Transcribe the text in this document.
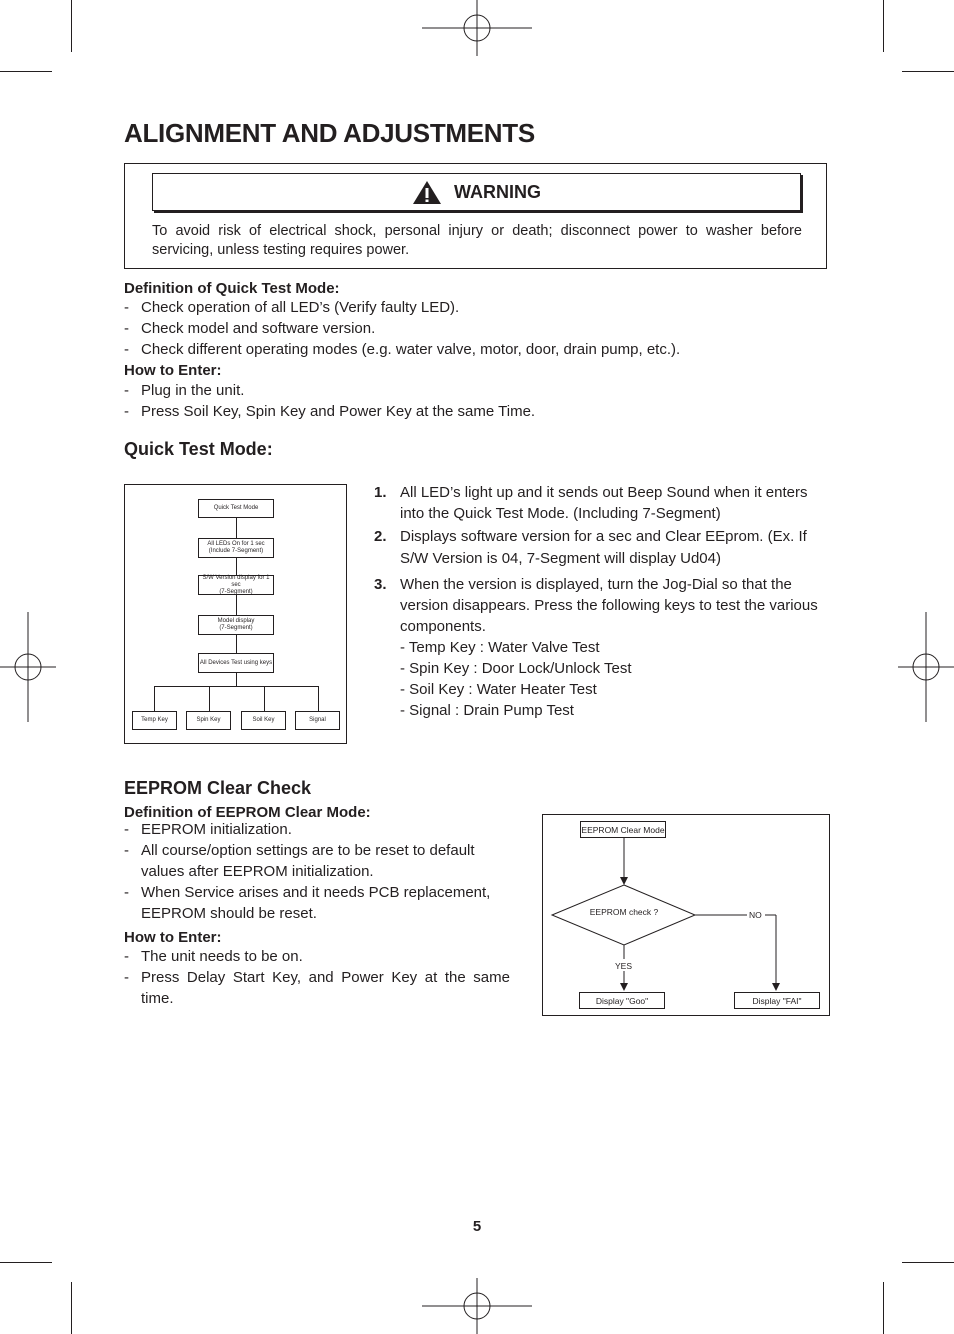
ALIGNMENT AND ADJUSTMENTS
WARNING
To avoid risk of electrical shock, personal injury or death; disconnect power to washer before servicing, unless testing requires power.
Definition of Quick Test Mode:
- Check operation of all LED’s (Verify faulty LED).
- Check model and software version.
- Check different operating modes (e.g. water valve, motor, door, drain pump, etc.).
How to Enter:
- Plug in the unit.
- Press Soil Key, Spin Key and Power Key at the same Time.
Quick Test Mode:
Quick Test Mode
All LEDs On for 1 sec
(Include 7-Segment)
S/W Version display for 1 sec
(7-Segment)
Model display
(7-Segment)
All Devices Test using keys
Temp Key	Spin Key	Soil Key	Signal
1. All LED’s light up and it sends out Beep Sound when it enters into the Quick Test Mode. (Including 7-Segment)
2. Displays software version for a sec and Clear EEprom. (Ex. If S/W Version is 04, 7-Segment will display Ud04)
3. When the version is displayed, turn the Jog-Dial so that the version disappears. Press the following keys to test the various components.
- Temp Key : Water Valve Test
- Spin Key : Door Lock/Unlock Test
- Soil Key : Water Heater Test
- Signal : Drain Pump Test
EEPROM Clear Check
Definition of EEPROM Clear Mode:
- EEPROM initialization.
- All course/option settings are to be reset to default values after EEPROM initialization.
- When Service arises and it needs PCB replacement, EEPROM should be reset.
How to Enter:
- The unit needs to be on.
- Press Delay Start Key, and Power Key at the same time.
EEPROM Clear Mode
EEPROM check ?	NO
YES
Display "Goo"	Display "FAI"
5
